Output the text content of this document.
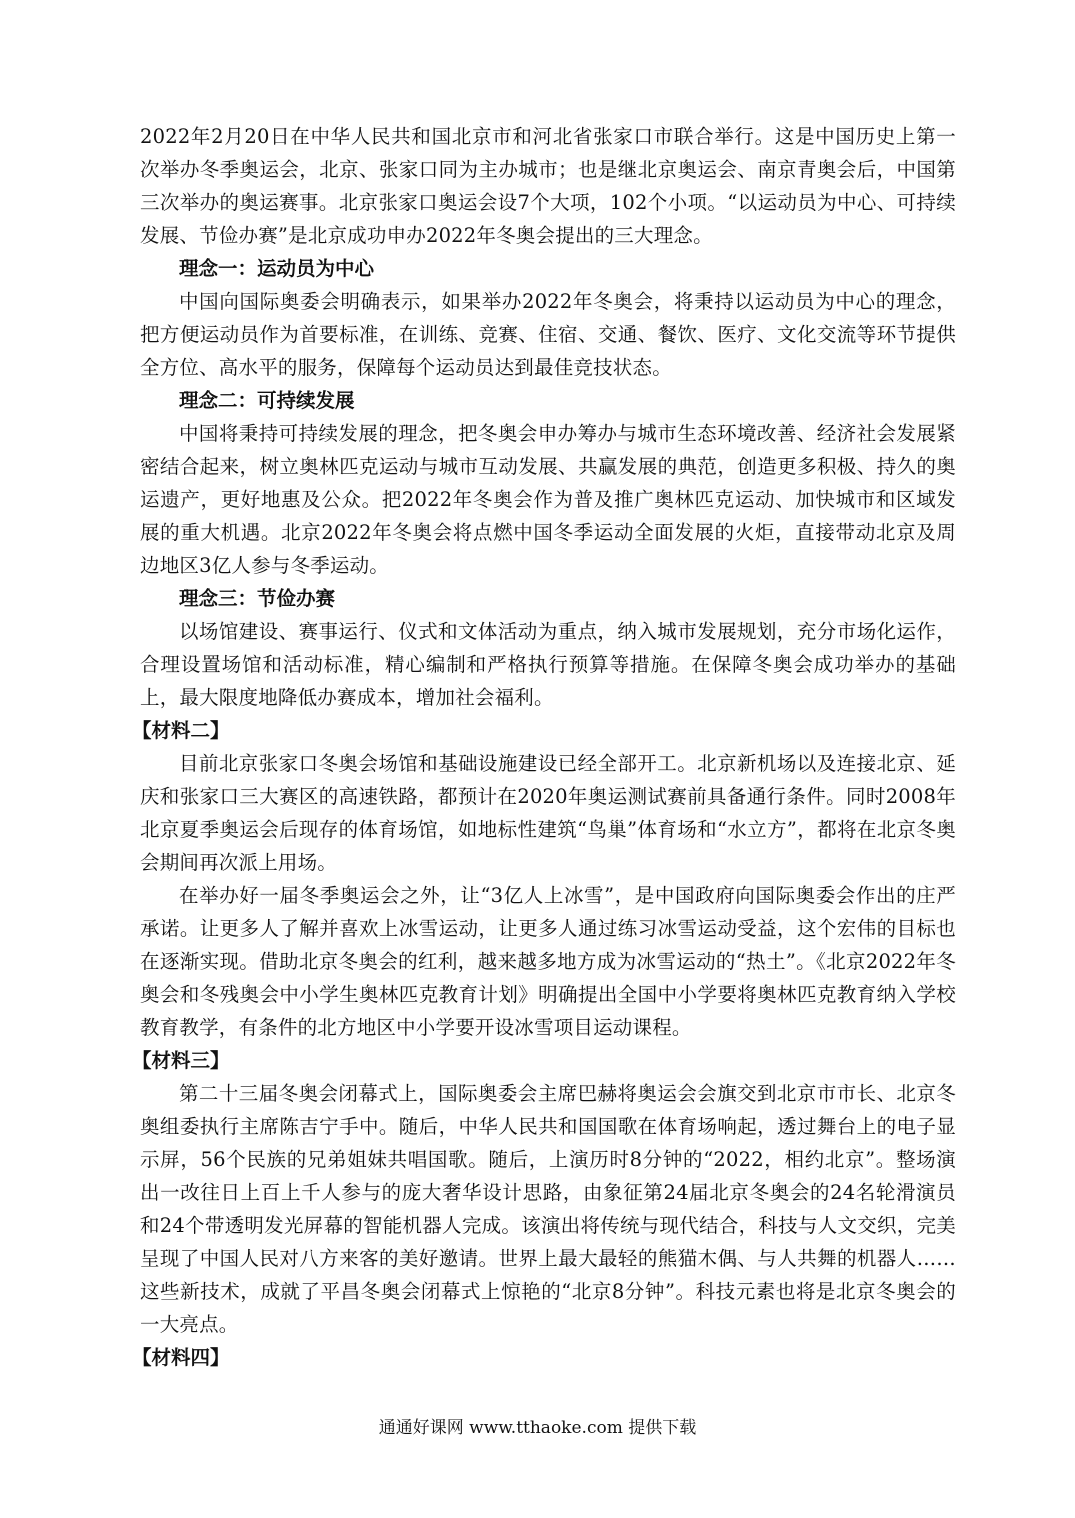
2022年2月20日在中华人民共和国北京市和河北省张家口市联合举行。这是中国历史上第一次举办冬季奥运会，北京、张家口同为主办城市；也是继北京奥运会、南京青奥会后，中国第三次举办的奥运赛事。北京张家口奥运会设7个大项，102个小项。“以运动员为中心、可持续发展、节俭办赛”是北京成功申办2022年冬奥会提出的三大理念。

理念一：运动员为中心

中国向国际奥委会明确表示，如果举办2022年冬奥会，将秉持以运动员为中心的理念，把方便运动员作为首要标准，在训练、竞赛、住宿、交通、餐饮、医疗、文化交流等环节提供全方位、高水平的服务，保障每个运动员达到最佳竞技状态。

理念二：可持续发展

中国将秉持可持续发展的理念，把冬奥会申办筹办与城市生态环境改善、经济社会发展紧密结合起来，树立奥林匹克运动与城市互动发展、共赢发展的典范，创造更多积极、持久的奥运遗产，更好地惠及公众。把2022年冬奥会作为普及推广奥林匹克运动、加快城市和区域发展的重大机遇。北京2022年冬奥会将点燃中国冬季运动全面发展的火炬，直接带动北京及周边地区3亿人参与冬季运动。

理念三：节俭办赛

以场馆建设、赛事运行、仪式和文体活动为重点，纳入城市发展规划，充分市场化运作，合理设置场馆和活动标准，精心编制和严格执行预算等措施。在保障冬奥会成功举办的基础上，最大限度地降低办赛成本，增加社会福利。

【材料二】

目前北京张家口冬奥会场馆和基础设施建设已经全部开工。北京新机场以及连接北京、延庆和张家口三大赛区的高速铁路，都预计在2020年奥运测试赛前具备通行条件。同时2008年北京夏季奥运会后现存的体育场馆，如地标性建筑“鸟巢”体育场和“水立方”，都将在北京冬奥会期间再次派上用场。

在举办好一届冬季奥运会之外，让“3亿人上冰雪”，是中国政府向国际奥委会作出的庄严承诺。让更多人了解并喜欢上冰雪运动，让更多人通过练习冰雪运动受益，这个宏伟的目标也在逐渐实现。借助北京冬奥会的红利，越来越多地方成为冰雪运动的“热土”。《北京2022年冬奥会和冬残奥会中小学生奥林匹克教育计划》明确提出全国中小学要将奥林匹克教育纳入学校教育教学，有条件的北方地区中小学要开设冰雪项目运动课程。

【材料三】

第二十三届冬奥会闭幕式上，国际奥委会主席巴赫将奥运会会旗交到北京市市长、北京冬奥组委执行主席陈吉宁手中。随后，中华人民共和国国歌在体育场响起，透过舞台上的电子显示屏，56个民族的兄弟姐妹共唱国歌。随后，上演历时8分钟的“2022，相约北京”。整场演出一改往日上百上千人参与的庞大奢华设计思路，由象征第24届北京冬奥会的24名轮滑演员和24个带透明发光屏幕的智能机器人完成。该演出将传统与现代结合，科技与人文交织，完美呈现了中国人民对八方来客的美好邀请。世界上最大最轻的熊猫木偶、与人共舞的机器人……这些新技术，成就了平昌冬奥会闭幕式上惊艳的“北京8分钟”。科技元素也将是北京冬奥会的一大亮点。

【材料四】

通通好课网 www.tthaoke.com 提供下载
